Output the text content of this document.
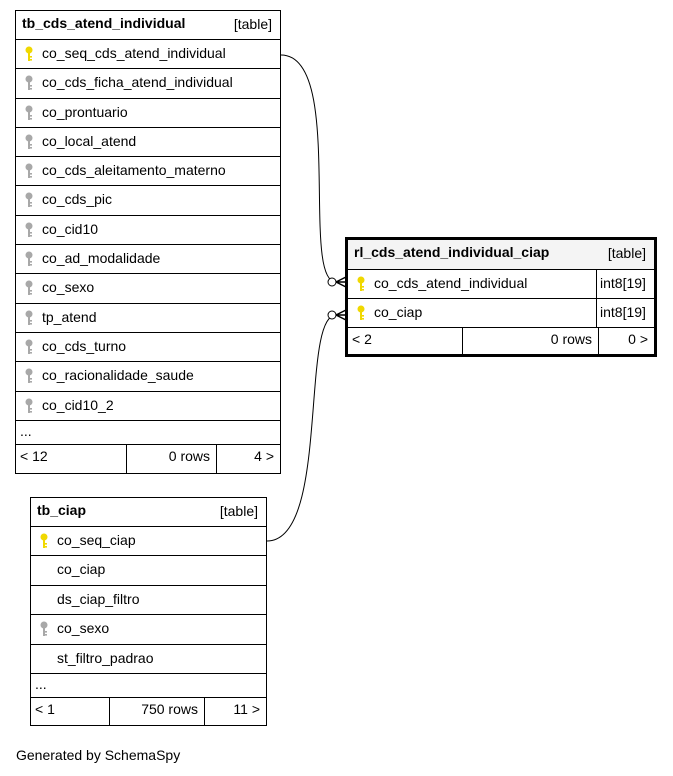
tb_cds_atend_individual	[table]
co_seq_cds_atend_individual
co_cds_ficha_atend_individual
co_prontuario
co_local_atend
co_cds_aleitamento_materno
co_cds_pic
co_cid10
co_ad_modalidade
co_sexo
tp_atend
co_cds_turno
co_racionalidade_saude
co_cid10_2
...
< 12	0 rows	4 >
rl_cds_atend_individual_ciap	[table]
co_cds_atend_individual	int8[19]
co_ciap	int8[19]
< 2	0 rows	0 >
tb_ciap	[table]
co_seq_ciap
co_ciap
ds_ciap_filtro
co_sexo
st_filtro_padrao
...
< 1	750 rows	11 >
Generated by SchemaSpy
